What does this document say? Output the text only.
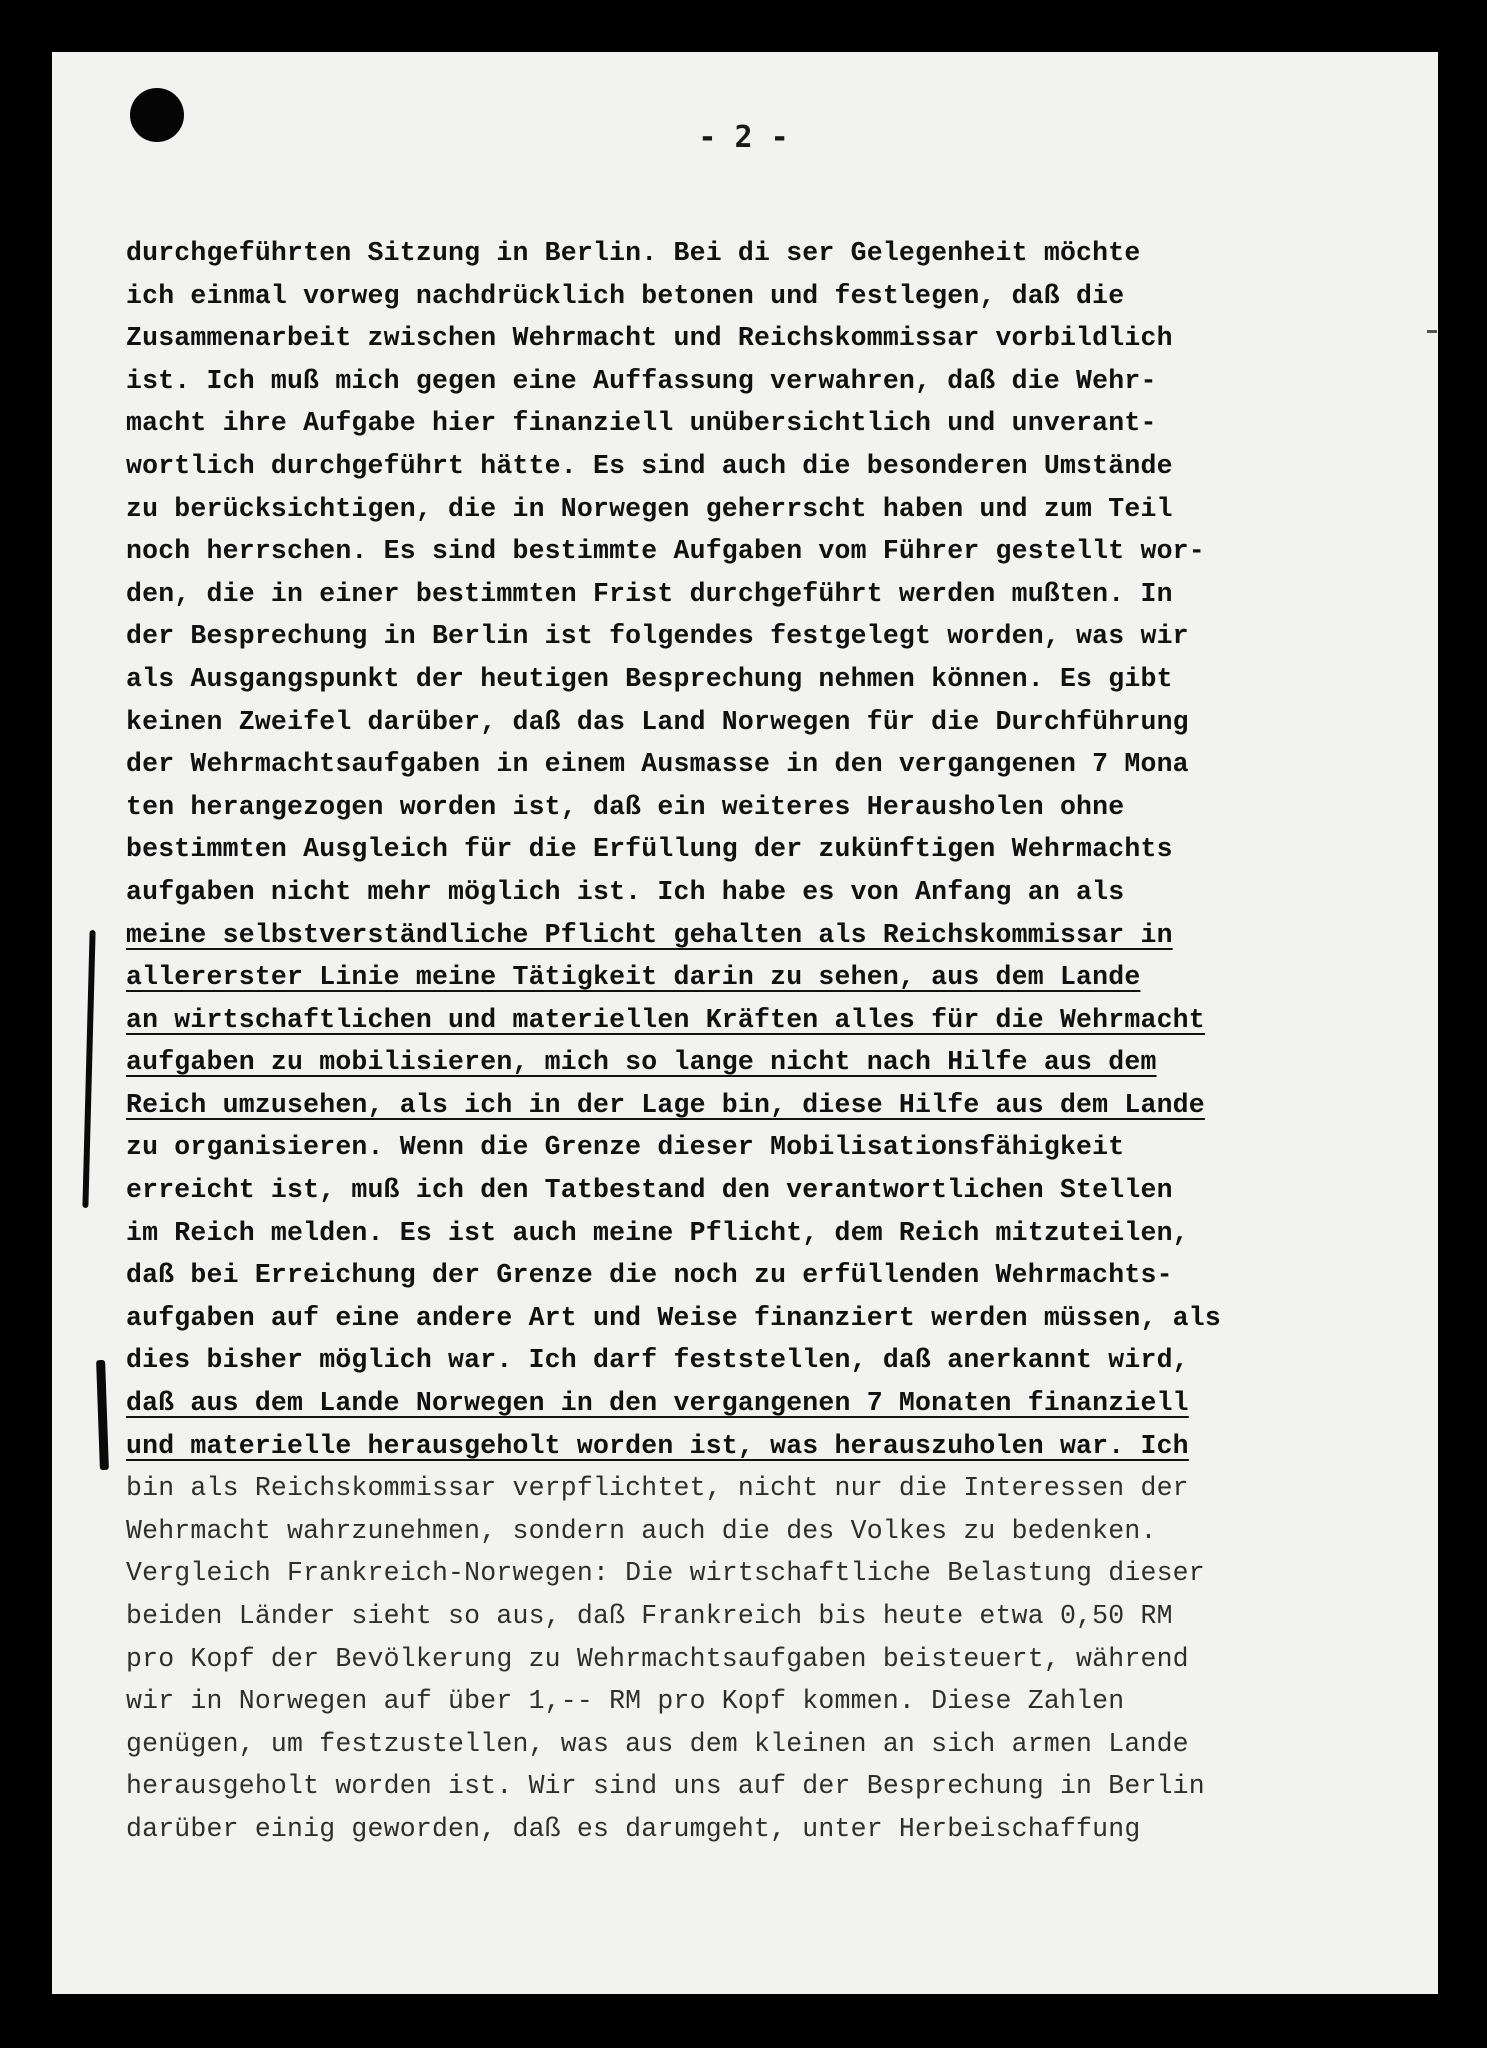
- 2 -

durchgeführten Sitzung in Berlin. Bei di ser Gelegenheit möchte
ich einmal vorweg nachdrücklich betonen und festlegen, daß die
Zusammenarbeit zwischen Wehrmacht und Reichskommissar vorbildlich
ist. Ich muß mich gegen eine Auffassung verwahren, daß die Wehr-
macht ihre Aufgabe hier finanziell unübersichtlich und unverant-
wortlich durchgeführt hätte. Es sind auch die besonderen Umstände
zu berücksichtigen, die in Norwegen geherrscht haben und zum Teil
noch herrschen. Es sind bestimmte Aufgaben vom Führer gestellt wor-
den, die in einer bestimmten Frist durchgeführt werden mußten. In
der Besprechung in Berlin ist folgendes festgelegt worden, was wir
als Ausgangspunkt der heutigen Besprechung nehmen können. Es gibt
keinen Zweifel darüber, daß das Land Norwegen für die Durchführung
der Wehrmachtsaufgaben in einem Ausmasse in den vergangenen 7 Mona
ten herangezogen worden ist, daß ein weiteres Herausholen ohne
bestimmten Ausgleich für die Erfüllung der zukünftigen Wehrmachts
aufgaben nicht mehr möglich ist. Ich habe es von Anfang an als
meine selbstverständliche Pflicht gehalten als Reichskommissar in
allererster Linie meine Tätigkeit darin zu sehen, aus dem Lande
an wirtschaftlichen und materiellen Kräften alles für die Wehrmacht
aufgaben zu mobilisieren, mich so lange nicht nach Hilfe aus dem
Reich umzusehen, als ich in der Lage bin, diese Hilfe aus dem Lande
zu organisieren. Wenn die Grenze dieser Mobilisationsfähigkeit
erreicht ist, muß ich den Tatbestand den verantwortlichen Stellen
im Reich melden. Es ist auch meine Pflicht, dem Reich mitzuteilen,
daß bei Erreichung der Grenze die noch zu erfüllenden Wehrmachts-
aufgaben auf eine andere Art und Weise finanziert werden müssen, als
dies bisher möglich war. Ich darf feststellen, daß anerkannt wird,
daß aus dem Lande Norwegen in den vergangenen 7 Monaten finanziell
und materielle herausgeholt worden ist, was herauszuholen war. Ich
bin als Reichskommissar verpflichtet, nicht nur die Interessen der
Wehrmacht wahrzunehmen, sondern auch die des Volkes zu bedenken.
Vergleich Frankreich-Norwegen: Die wirtschaftliche Belastung dieser
beiden Länder sieht so aus, daß Frankreich bis heute etwa 0,50 RM
pro Kopf der Bevölkerung zu Wehrmachtsaufgaben beisteuert, während
wir in Norwegen auf über 1,-- RM pro Kopf kommen. Diese Zahlen
genügen, um festzustellen, was aus dem kleinen an sich armen Lande
herausgeholt worden ist. Wir sind uns auf der Besprechung in Berlin
darüber einig geworden, daß es darumgeht, unter Herbeischaffung
